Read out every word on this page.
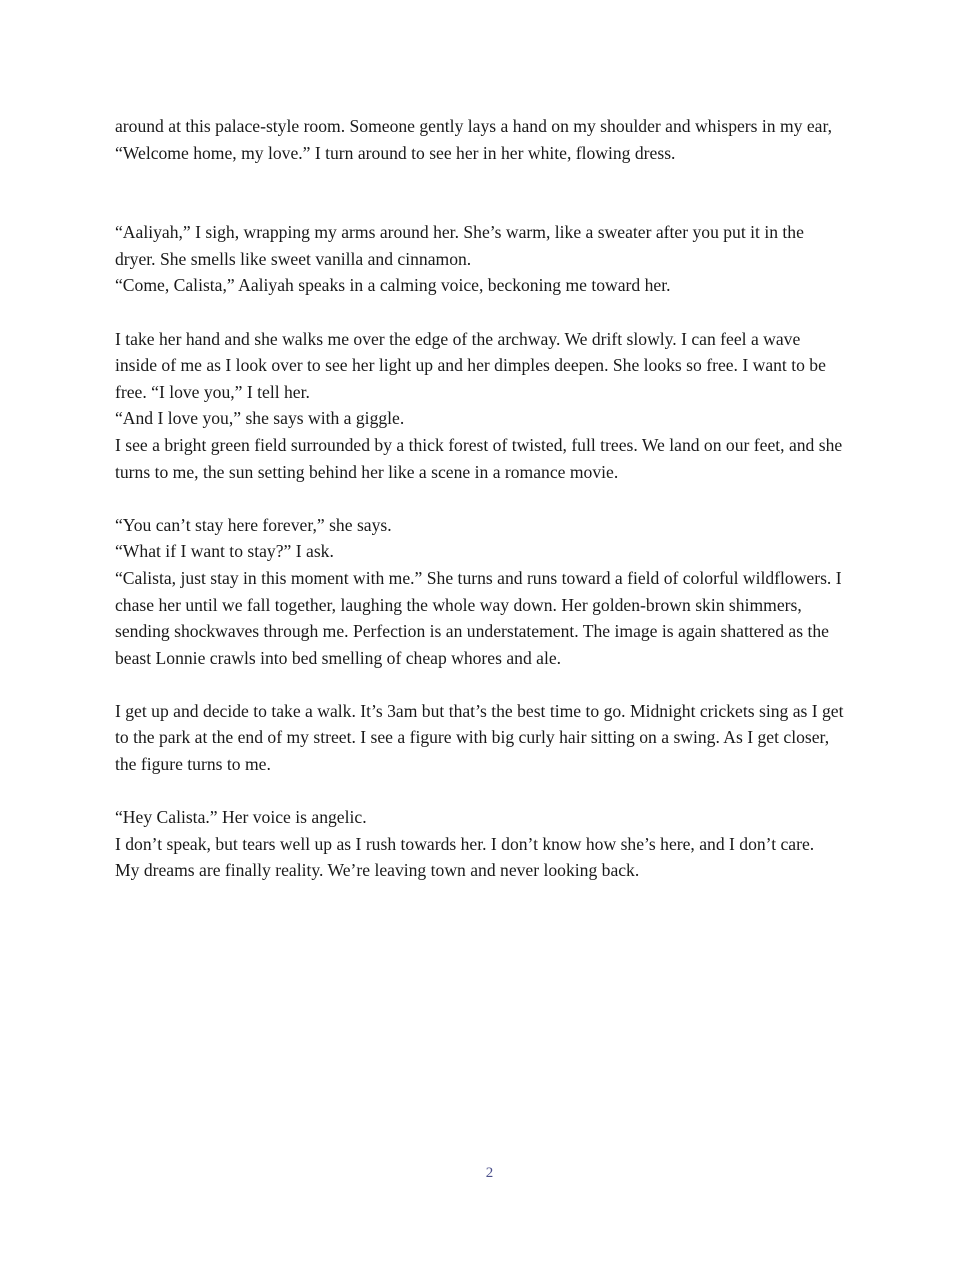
around at this palace-style room. Someone gently lays a hand on my shoulder and whispers in my ear,
“Welcome home, my love.” I turn around to see her in her white, flowing dress.
“Aaliyah,” I sigh, wrapping my arms around her. She’s warm, like a sweater after you put it in the
dryer. She smells like sweet vanilla and cinnamon.
“Come, Calista,” Aaliyah speaks in a calming voice, beckoning me toward her.
I take her hand and she walks me over the edge of the archway. We drift slowly. I can feel a wave
inside of me as I look over to see her light up and her dimples deepen. She looks so free. I want to be
free. “I love you,” I tell her.
“And I love you,” she says with a giggle.
I see a bright green field surrounded by a thick forest of twisted, full trees. We land on our feet, and she
turns to me, the sun setting behind her like a scene in a romance movie.
“You can’t stay here forever,” she says.
“What if I want to stay?” I ask.
“Calista, just stay in this moment with me.” She turns and runs toward a field of colorful wildflowers. I
chase her until we fall together, laughing the whole way down. Her golden-brown skin shimmers,
sending shockwaves through me. Perfection is an understatement. The image is again shattered as the
beast Lonnie crawls into bed smelling of cheap whores and ale.
I get up and decide to take a walk. It’s 3am but that’s the best time to go. Midnight crickets sing as I get
to the park at the end of my street. I see a figure with big curly hair sitting on a swing. As I get closer,
the figure turns to me.
“Hey Calista.” Her voice is angelic.
I don’t speak, but tears well up as I rush towards her. I don’t know how she’s here, and I don’t care.
My dreams are finally reality. We’re leaving town and never looking back.
2
